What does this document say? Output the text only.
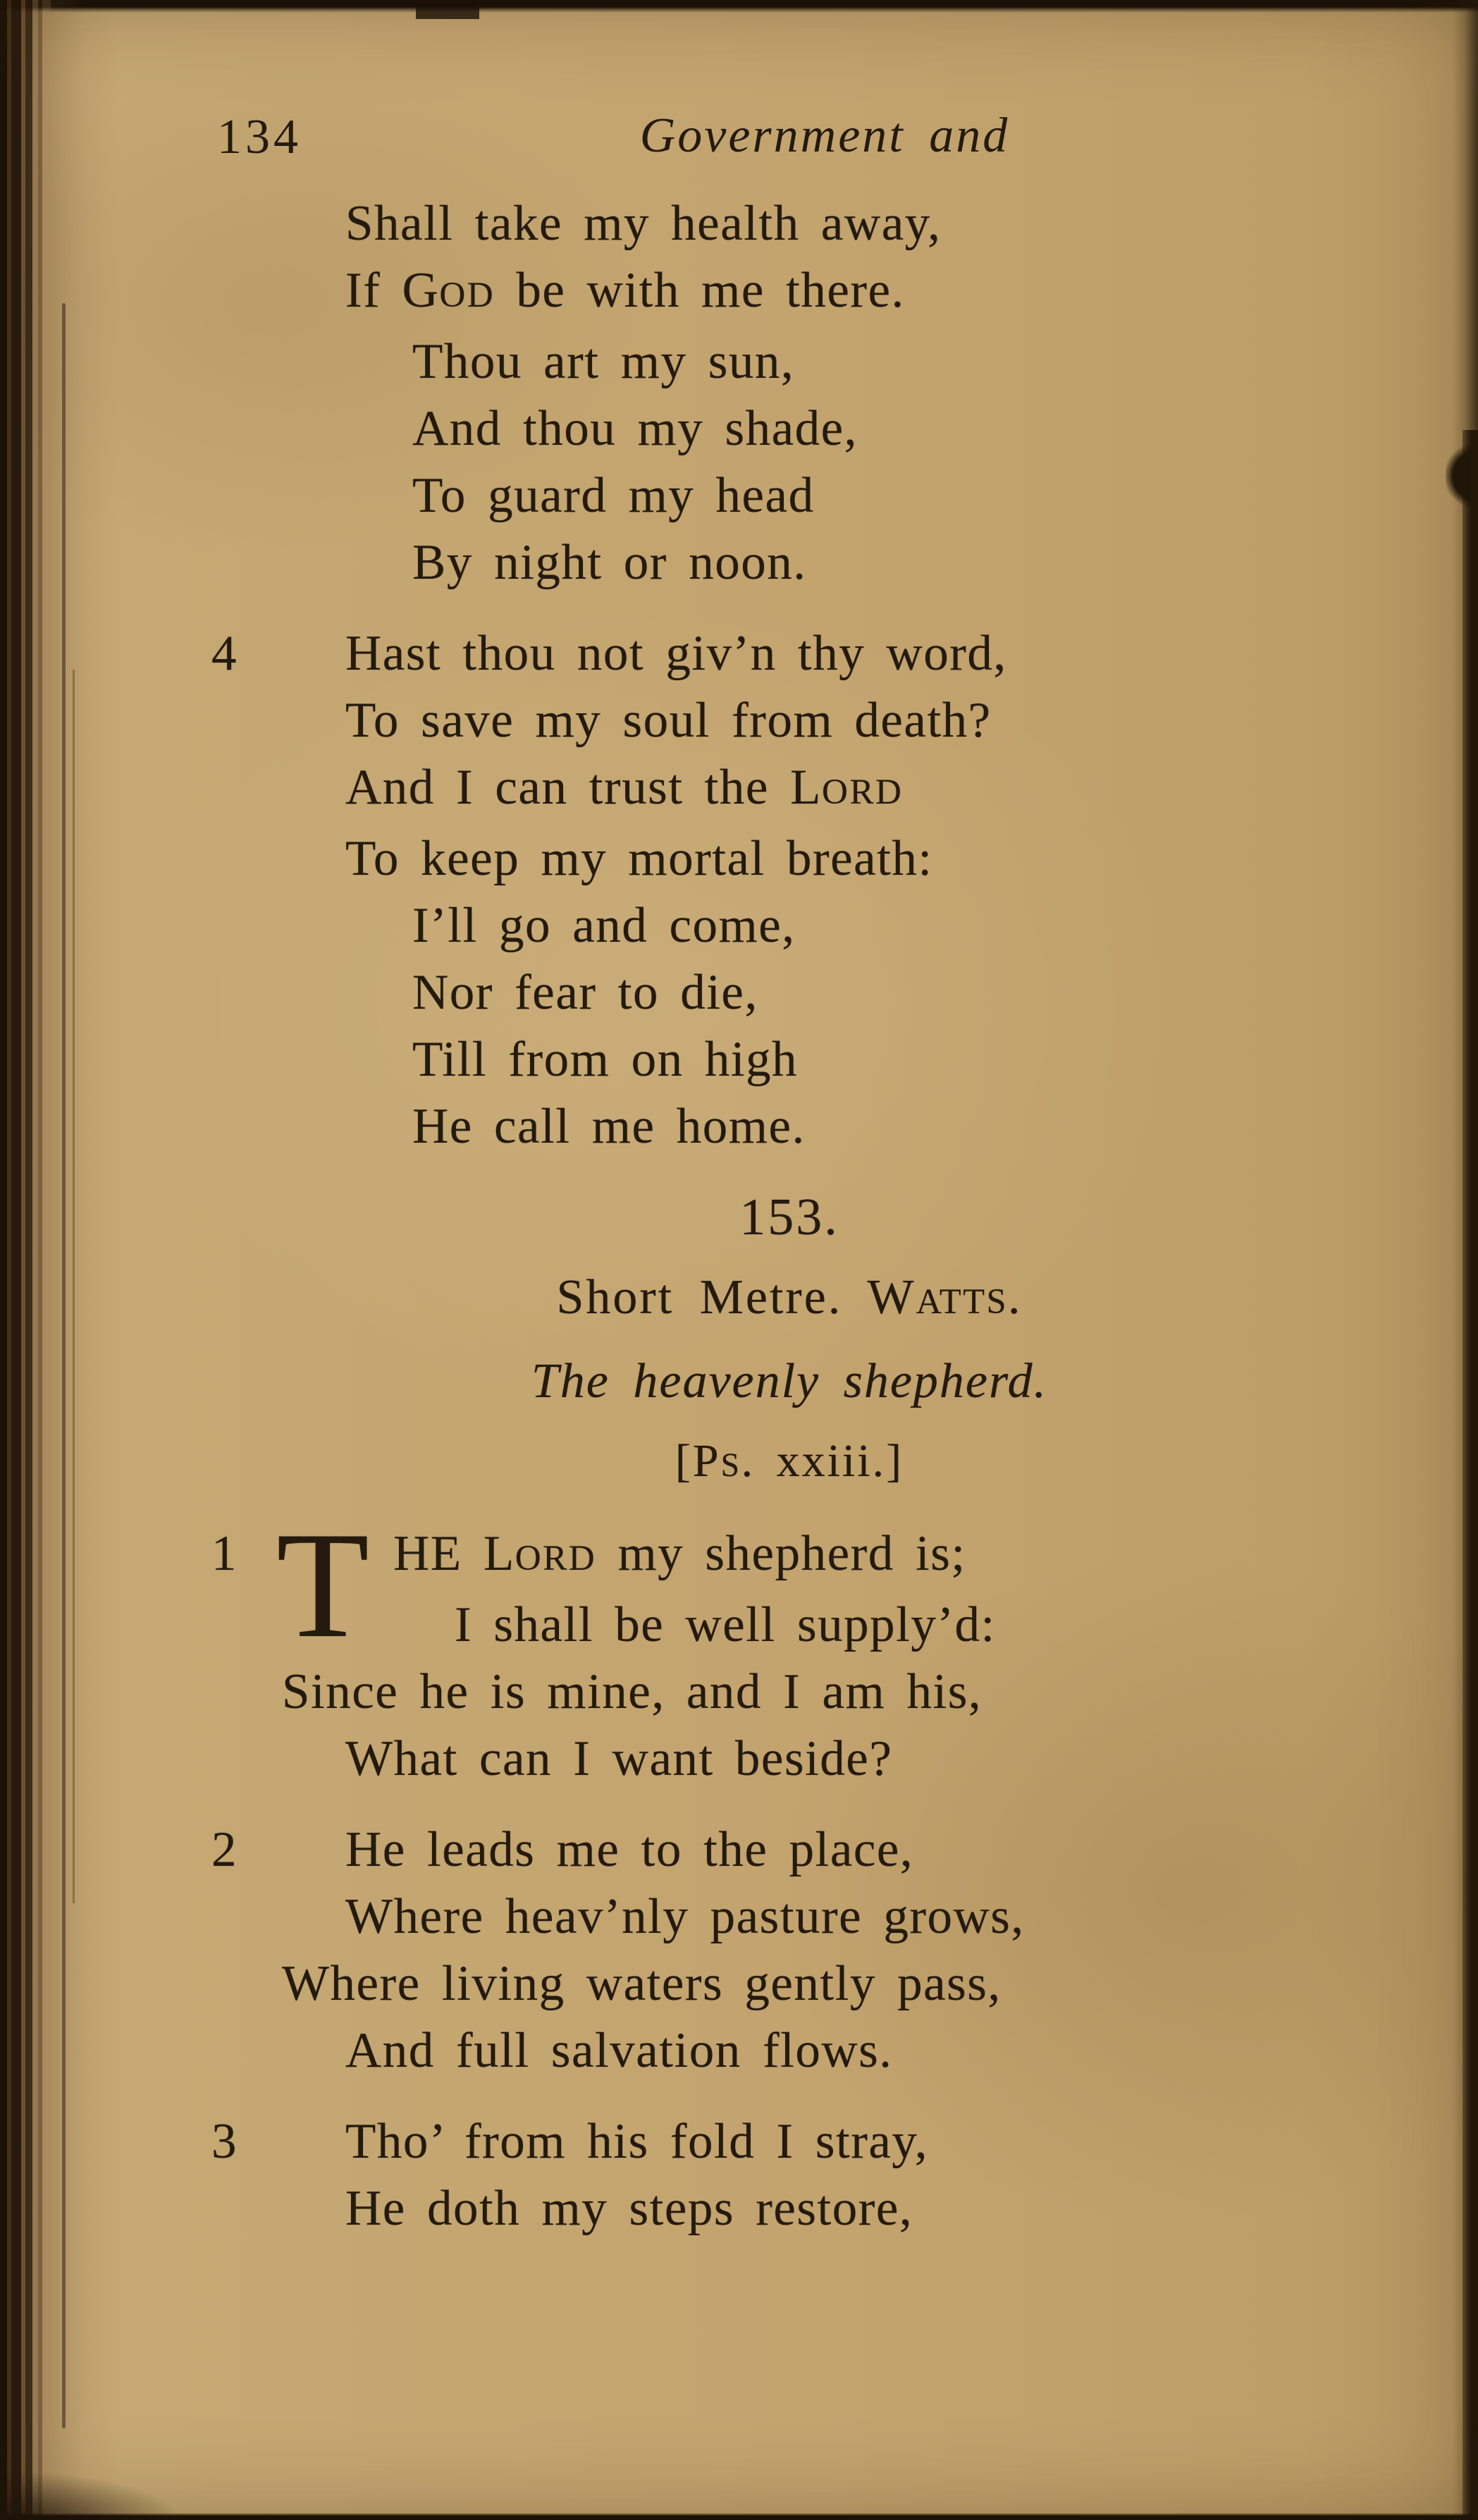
134	Government and
Shall take my health away,
If GOD be with me there.
Thou art my sun,
And thou my shade,
To guard my head
By night or noon.
4	Hast thou not giv’n thy word,
To save my soul from death?
And I can trust the LORD
To keep my mortal breath:
I’ll go and come,
Nor fear to die,
Till from on high
He call me home.
153.
Short Metre. WATTS.
The heavenly shepherd.
[PS. xxiii.]
1 T HE LORD my shepherd is;
I shall be well supply’d:
Since he is mine, and I am his,
What can I want beside?
2	He leads me to the place,
Where heav’nly pasture grows,
Where living waters gently pass,
And full salvation flows.
3	Tho’ from his fold I stray,
He doth my steps restore,
